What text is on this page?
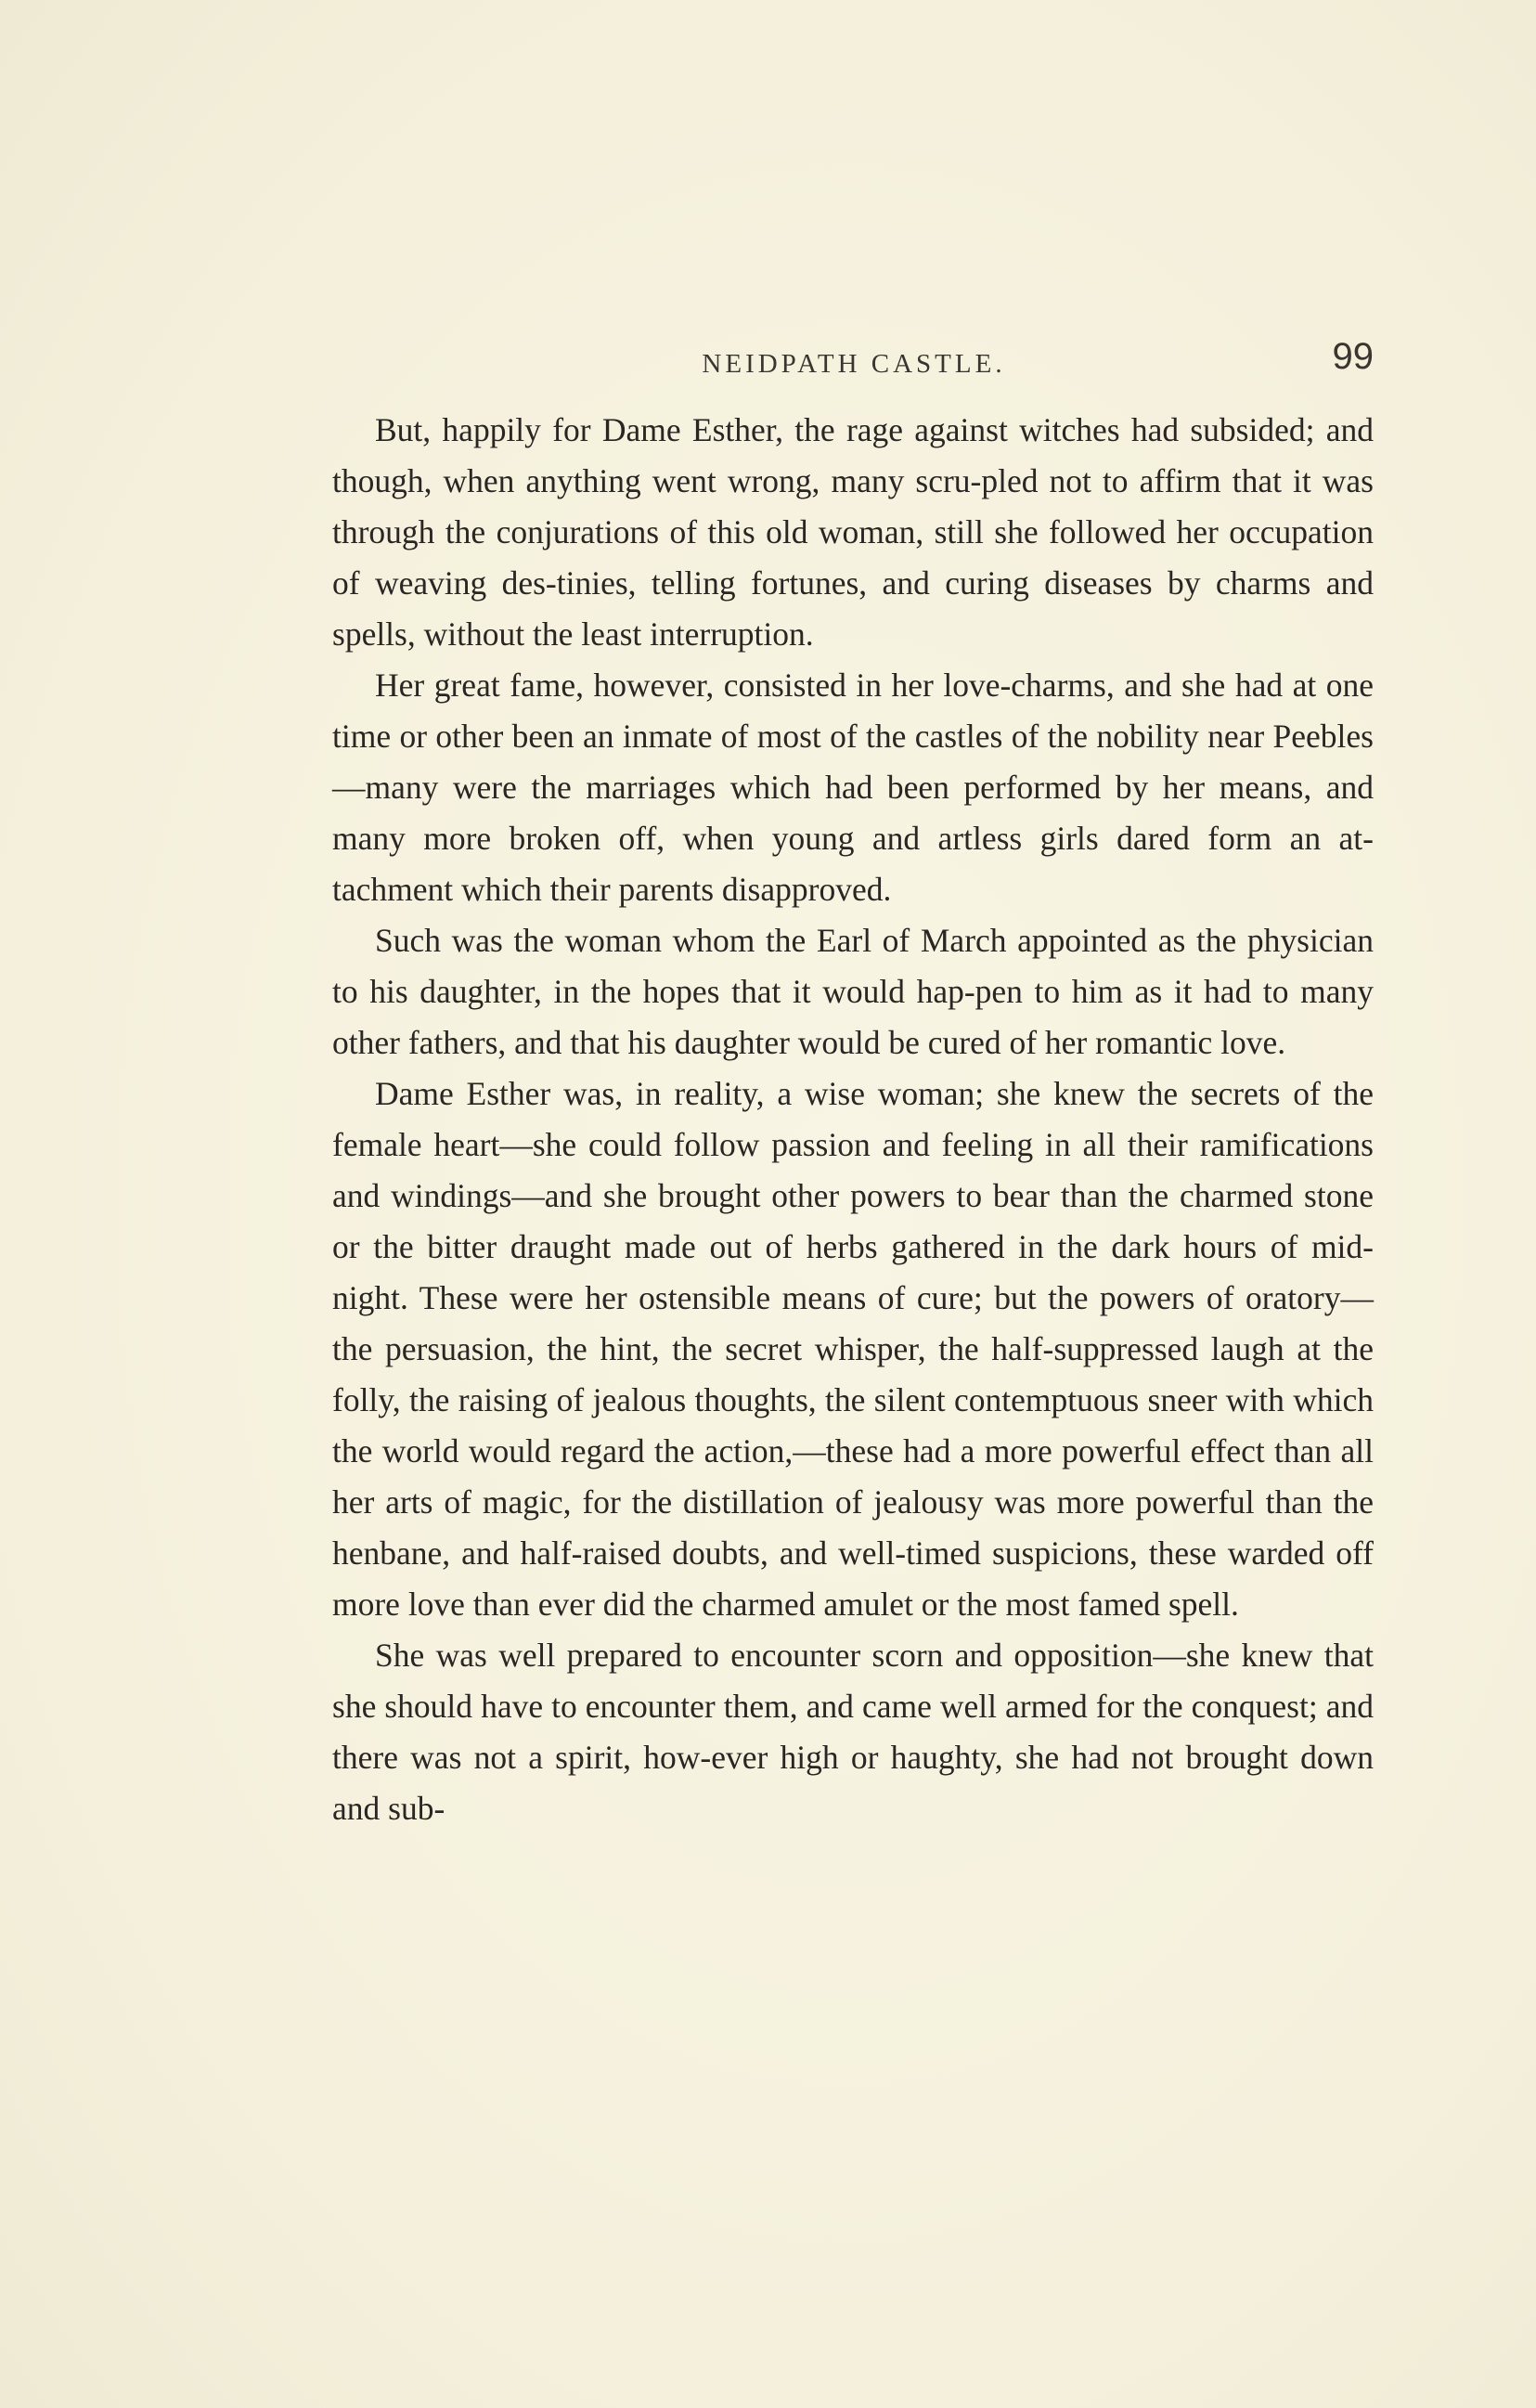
NEIDPATH CASTLE.	99

But, happily for Dame Esther, the rage against witches had subsided; and though, when anything went wrong, many scru-pled not to affirm that it was through the conjurations of this old woman, still she followed her occupation of weaving des-tinies, telling fortunes, and curing diseases by charms and spells, without the least interruption.

Her great fame, however, consisted in her love-charms, and she had at one time or other been an inmate of most of the castles of the nobility near Peebles—many were the marriages which had been performed by her means, and many more broken off, when young and artless girls dared form an at-tachment which their parents disapproved.

Such was the woman whom the Earl of March appointed as the physician to his daughter, in the hopes that it would hap-pen to him as it had to many other fathers, and that his daughter would be cured of her romantic love.

Dame Esther was, in reality, a wise woman; she knew the secrets of the female heart—she could follow passion and feeling in all their ramifications and windings—and she brought other powers to bear than the charmed stone or the bitter draught made out of herbs gathered in the dark hours of mid-night. These were her ostensible means of cure; but the powers of oratory—the persuasion, the hint, the secret whisper, the half-suppressed laugh at the folly, the raising of jealous thoughts, the silent contemptuous sneer with which the world would regard the action,—these had a more powerful effect than all her arts of magic, for the distillation of jealousy was more powerful than the henbane, and half-raised doubts, and well-timed suspicions, these warded off more love than ever did the charmed amulet or the most famed spell.

She was well prepared to encounter scorn and opposition—she knew that she should have to encounter them, and came well armed for the conquest; and there was not a spirit, how-ever high or haughty, she had not brought down and sub-
